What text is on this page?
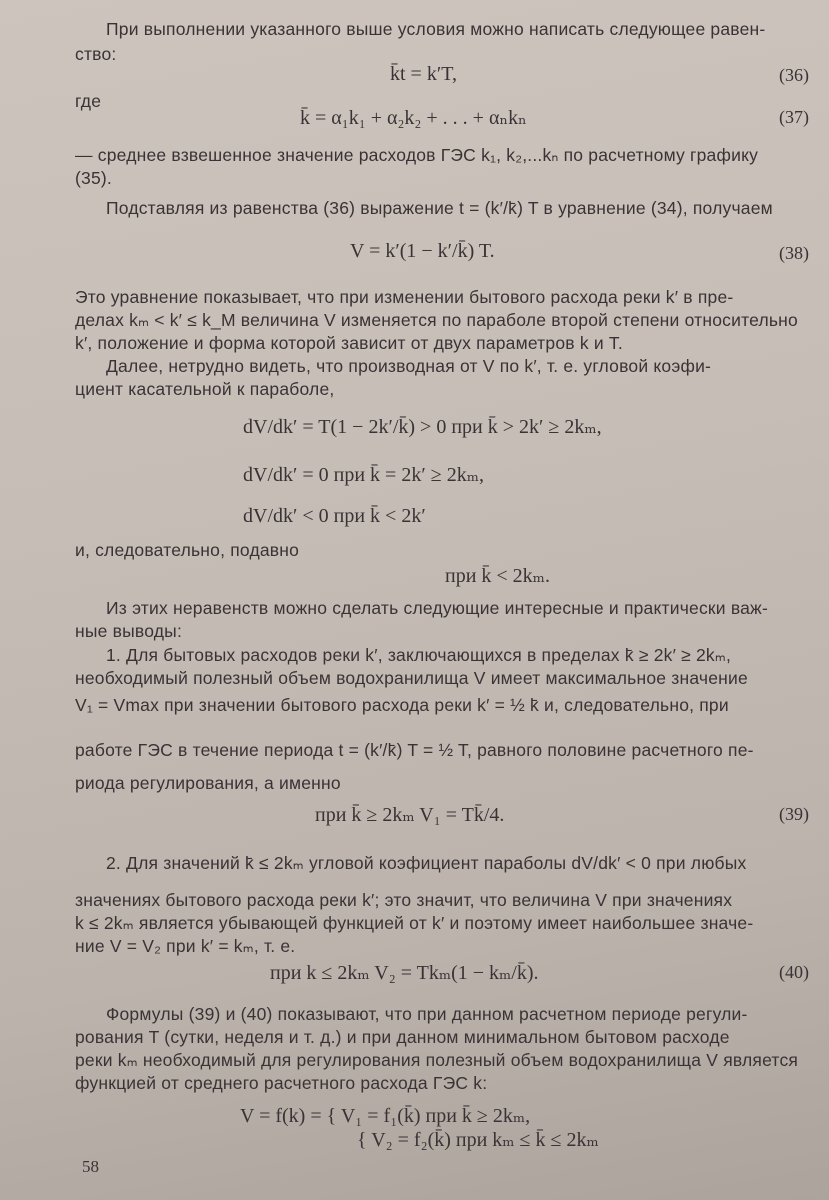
При выполнении указанного выше условия можно написать следующее равен-
ство:
k̄t = k′T,	(36)
где
k̄ = α₁k₁ + α₂k₂ + . . . + αₙkₙ	(37)
— среднее взвешенное значение расходов ГЭС k₁, k₂,...kₙ по расчетному графику
(35).
Подставляя из равенства (36) выражение t = (k′/k̄) T в уравнение (34), получаем
V = k′(1 − k′/k̄) T.	(38)
Это уравнение показывает, что при изменении бытового расхода реки k′ в пре-
делах kₘ < k′ ≤ k_M величина V изменяется по параболе второй степени относительно
k′, положение и форма которой зависит от двух параметров k и T.
Далее, нетрудно видеть, что производная от V по k′, т. е. угловой коэфи-
циент касательной к параболе,
dV/dk′ = T(1 − 2k′/k̄) > 0 при k̄ > 2k′ ≥ 2kₘ,
dV/dk′ = 0 при k̄ = 2k′ ≥ 2kₘ,
dV/dk′ < 0 при k̄ < 2k′
и, следовательно, подавно
при k̄ < 2kₘ.
Из этих неравенств можно сделать следующие интересные и практически важ-
ные выводы:
1. Для бытовых расходов реки k′, заключающихся в пределах k̄ ≥ 2k′ ≥ 2kₘ,
необходимый полезный объем водохранилища V имеет максимальное значение
V₁ = Vmax при значении бытового расхода реки k′ = ½ k̄ и, следовательно, при
работе ГЭС в течение периода t = (k′/k̄) T = ½ T, равного половине расчетного пе-
риода регулирования, а именно
при k̄ ≥ 2kₘ V₁ = Tk̄/4.	(39)
2. Для значений k̄ ≤ 2kₘ угловой коэфициент параболы dV/dk′ < 0 при любых
значениях бытового расхода реки k′; это значит, что величина V при значениях
k ≤ 2kₘ является убывающей функцией от k′ и поэтому имеет наибольшее значе-
ние V = V₂ при k′ = kₘ, т. е.
при k ≤ 2kₘ V₂ = Tkₘ(1 − kₘ/k̄).	(40)
Формулы (39) и (40) показывают, что при данном расчетном периоде регули-
рования T (сутки, неделя и т. д.) и при данном минимальном бытовом расходе
реки kₘ необходимый для регулирования полезный объем водохранилища V является
функцией от среднего расчетного расхода ГЭС k:
V = f(k) = { V₁ = f₁(k̄) при k̄ ≥ 2kₘ,
{ V₂ = f₂(k̄) при kₘ ≤ k̄ ≤ 2kₘ
58
